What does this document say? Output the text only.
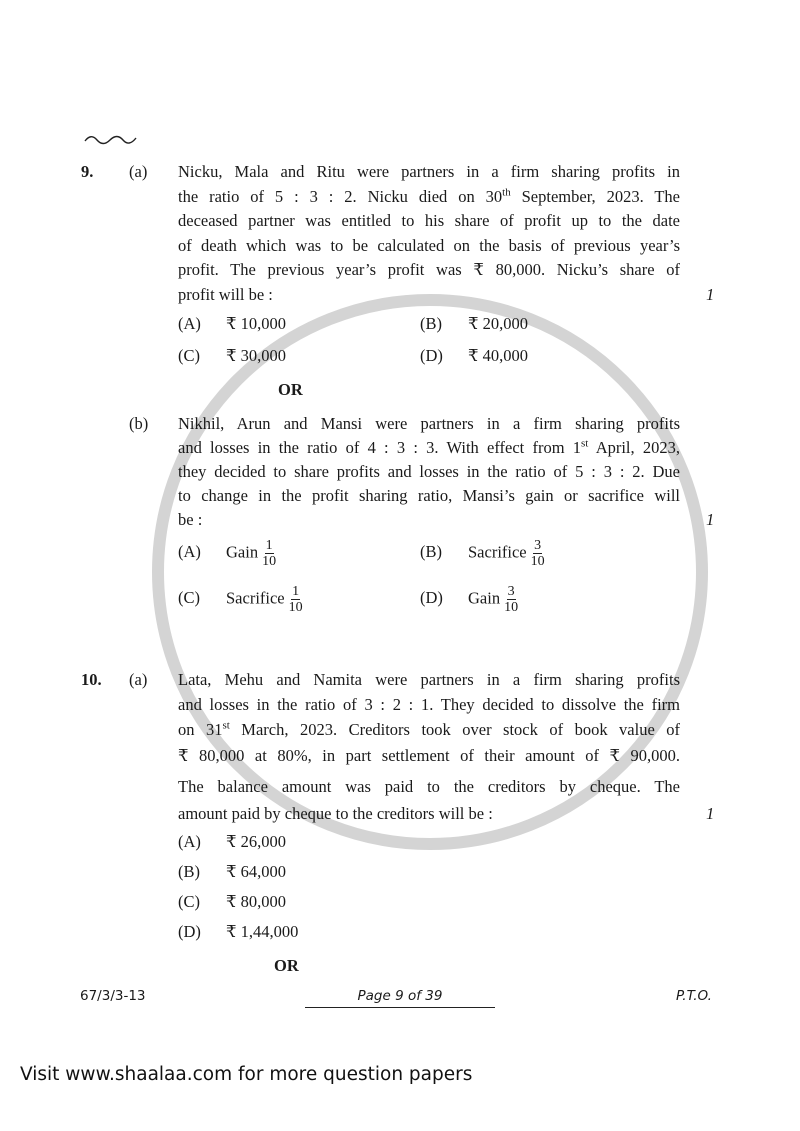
9. (a) Nicku, Mala and Ritu were partners in a firm sharing profits in
the ratio of 5 : 3 : 2. Nicku died on 30th September, 2023. The
deceased partner was entitled to his share of profit up to the date
of death which was to be calculated on the basis of previous year’s
profit. The previous year’s profit was ₹ 80,000. Nicku’s share of
profit will be :	1
(A) ₹ 10,000	(B) ₹ 20,000
(C) ₹ 30,000	(D) ₹ 40,000
OR
(b) Nikhil, Arun and Mansi were partners in a firm sharing profits
and losses in the ratio of 4 : 3 : 3. With effect from 1st April, 2023,
they decided to share profits and losses in the ratio of 5 : 3 : 2. Due
to change in the profit sharing ratio, Mansi’s gain or sacrifice will
be :	1
(A) Gain $\frac{1}{10}$	(B) Sacrifice $\frac{3}{10}$
(C) Sacrifice $\frac{1}{10}$	(D) Gain $\frac{3}{10}$
10. (a) Lata, Mehu and Namita were partners in a firm sharing profits
and losses in the ratio of 3 : 2 : 1. They decided to dissolve the firm
on 31st March, 2023. Creditors took over stock of book value of
₹ 80,000 at 80%, in part settlement of their amount of ₹ 90,000.
The balance amount was paid to the creditors by cheque. The
amount paid by cheque to the creditors will be :	1
(A) ₹ 26,000
(B) ₹ 64,000
(C) ₹ 80,000
(D) ₹ 1,44,000
OR
67/3/3-13	Page 9 of 39	P.T.O.
Visit www.shaalaa.com for more question papers
